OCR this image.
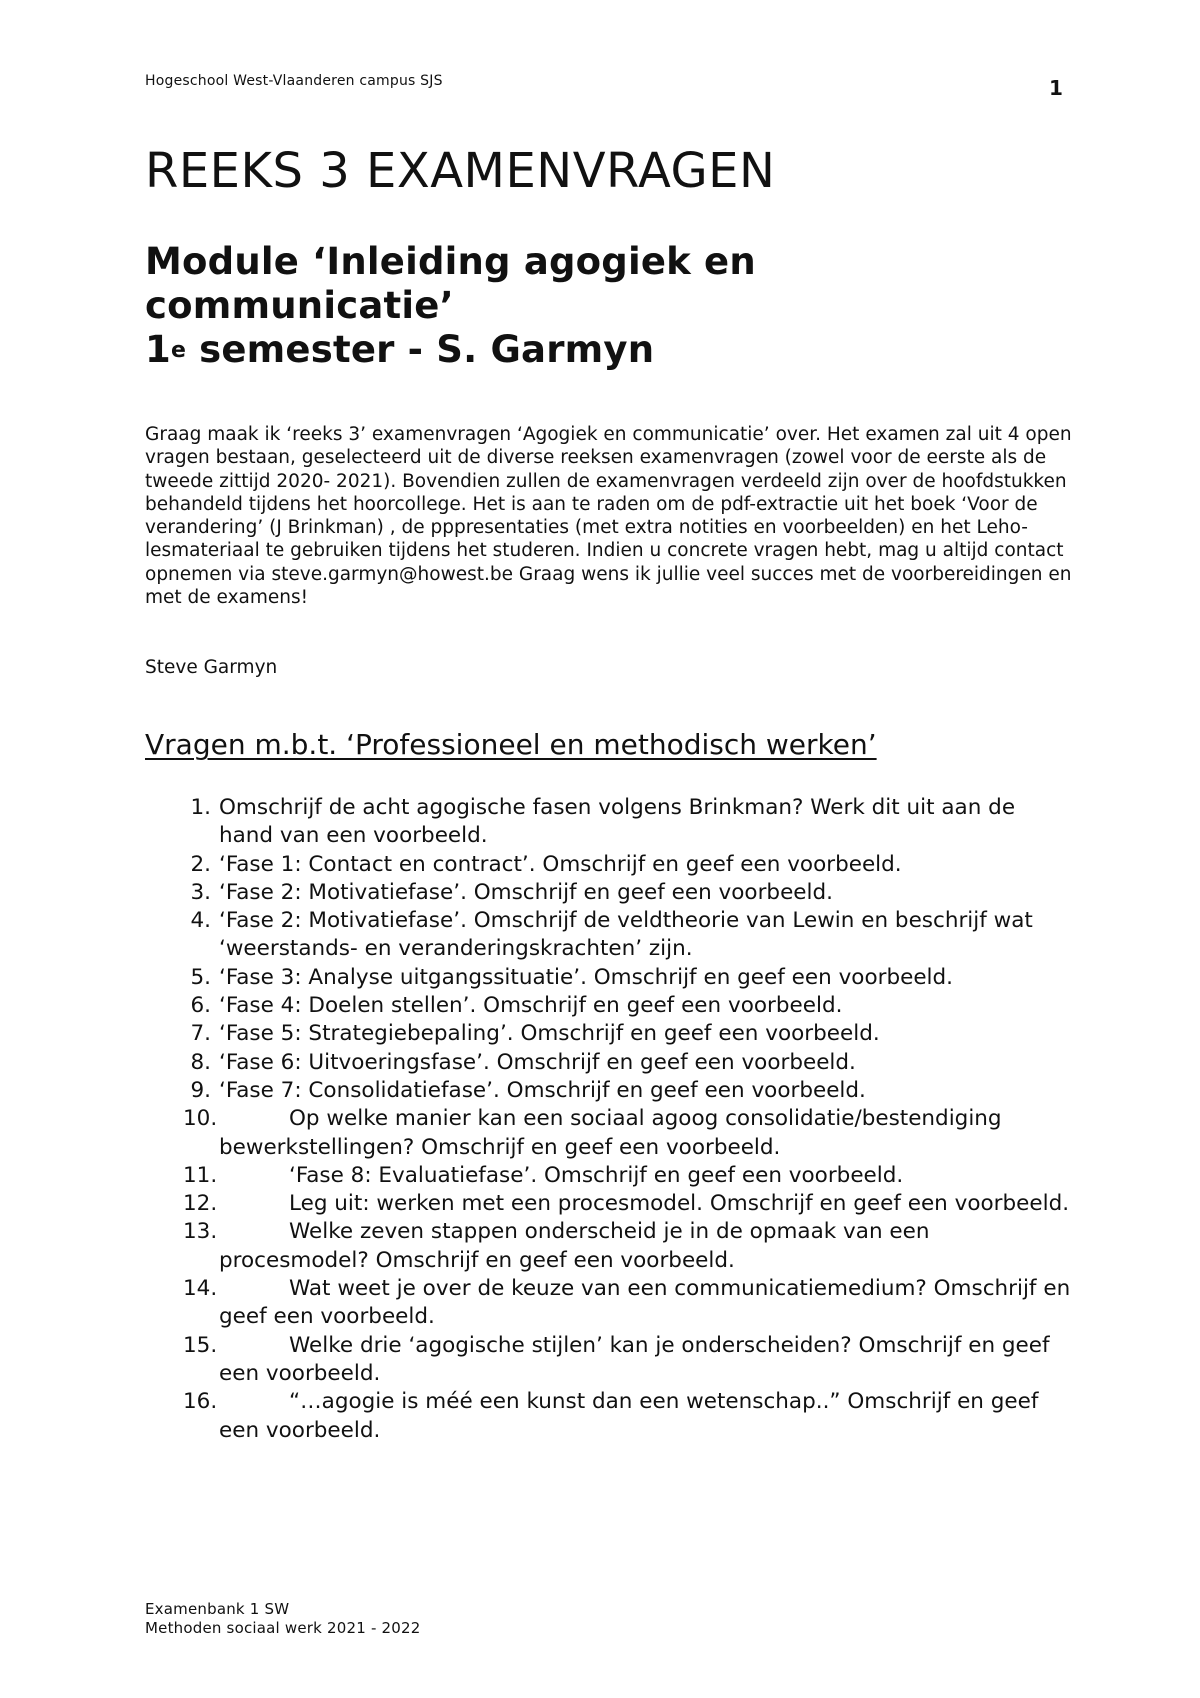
Hogeschool West-Vlaanderen campus SJS	1
REEKS 3 EXAMENVRAGEN
Module ‘Inleiding agogiek en
communicatie’
1e semester - S. Garmyn

Graag maak ik ‘reeks 3’ examenvragen ‘Agogiek en communicatie’ over. Het examen zal uit 4 open vragen bestaan, geselecteerd uit de diverse reeksen examenvragen (zowel voor de eerste als de tweede zittijd 2020- 2021). Bovendien zullen de examenvragen verdeeld zijn over de hoofdstukken behandeld tijdens het hoorcollege. Het is aan te raden om de pdf-extractie uit het boek ‘Voor de verandering’ (J Brinkman) , de pppresentaties (met extra notities en voorbeelden) en het Leho-lesmateriaal te gebruiken tijdens het studeren. Indien u concrete vragen hebt, mag u altijd contact opnemen via steve.garmyn@howest.be Graag wens ik jullie veel succes met de voorbereidingen en met de examens!

Steve Garmyn

Vragen m.b.t. ‘Professioneel en methodisch werken’
1. Omschrijf de acht agogische fasen volgens Brinkman? Werk dit uit aan de hand van een voorbeeld.
2. ‘Fase 1: Contact en contract’. Omschrijf en geef een voorbeeld.
3. ‘Fase 2: Motivatiefase’. Omschrijf en geef een voorbeeld.
4. ‘Fase 2: Motivatiefase’. Omschrijf de veldtheorie van Lewin en beschrijf wat ‘weerstands- en veranderingskrachten’ zijn.
5. ‘Fase 3: Analyse uitgangssituatie’. Omschrijf en geef een voorbeeld.
6. ‘Fase 4: Doelen stellen’. Omschrijf en geef een voorbeeld.
7. ‘Fase 5: Strategiebepaling’. Omschrijf en geef een voorbeeld.
8. ‘Fase 6: Uitvoeringsfase’. Omschrijf en geef een voorbeeld.
9. ‘Fase 7: Consolidatiefase’. Omschrijf en geef een voorbeeld.
10.	Op welke manier kan een sociaal agoog consolidatie/bestendiging bewerkstellingen? Omschrijf en geef een voorbeeld.
11.	‘Fase 8: Evaluatiefase’. Omschrijf en geef een voorbeeld.
12.	Leg uit: werken met een procesmodel. Omschrijf en geef een voorbeeld.
13.	Welke zeven stappen onderscheid je in de opmaak van een procesmodel? Omschrijf en geef een voorbeeld.
14.	Wat weet je over de keuze van een communicatiemedium? Omschrijf en geef een voorbeeld.
15.	Welke drie ‘agogische stijlen’ kan je onderscheiden? Omschrijf en geef een voorbeeld.
16.	“…agogie is méé een kunst dan een wetenschap..” Omschrijf en geef een voorbeeld.
Examenbank 1 SW
Methoden sociaal werk 2021 - 2022
